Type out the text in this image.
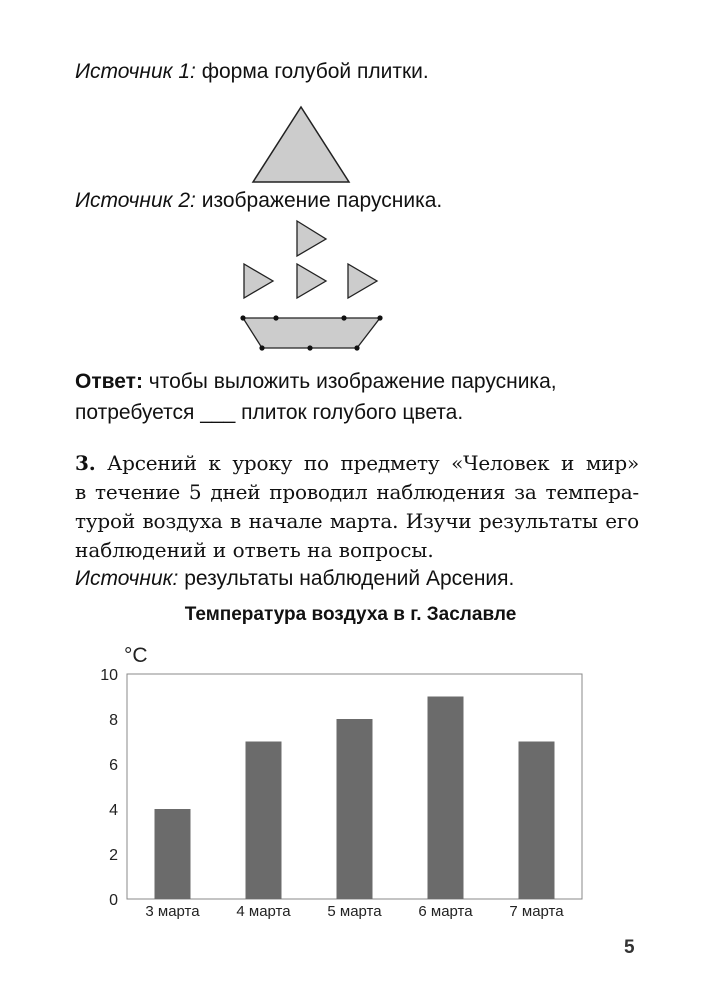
Источник 1: форма голубой плитки.
Источник 2: изображение парусника.
Ответ: чтобы выложить изображение парусника,
потребуется ___ плиток голубого цвета.
3. Арсений к уроку по предмету «Человек и мир»
в течение 5 дней проводил наблюдения за темпера-
турой воздуха в начале марта. Изучи результаты его
наблюдений и ответь на вопросы.
Источник: результаты наблюдений Арсения.
Температура воздуха в г. Заславле
°C
0
2
4
6
8
10
3 марта 4 марта 5 марта 6 марта 7 марта
5
